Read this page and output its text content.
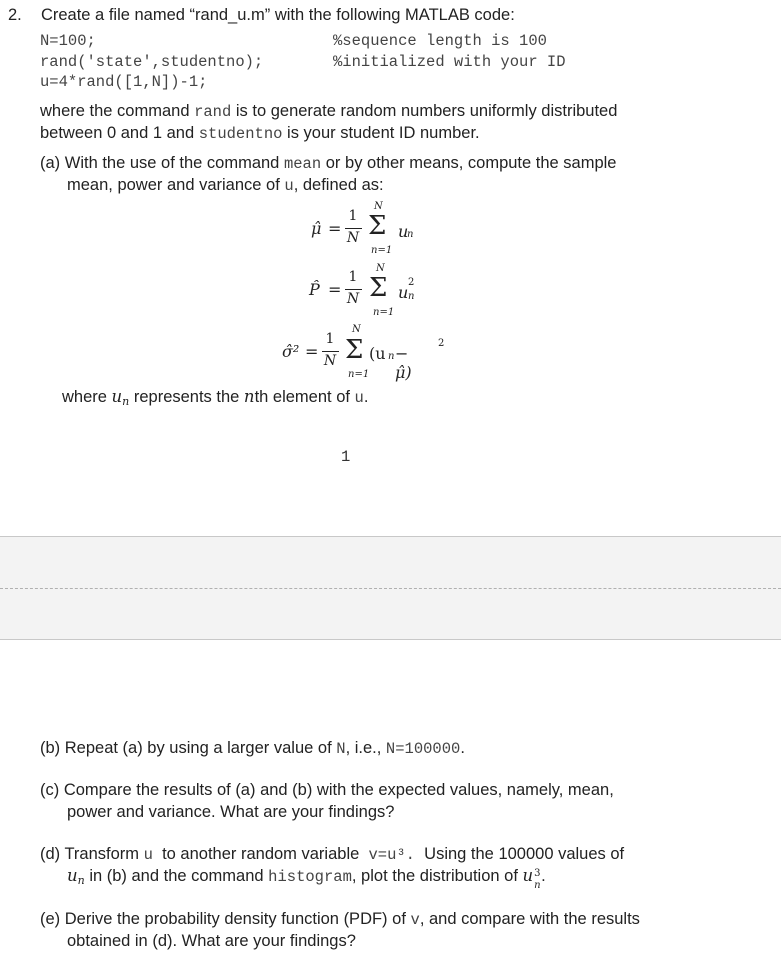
2. Create a file named “rand_u.m” with the following MATLAB code:
N=100;	%sequence length is 100
rand('state',studentno);	%initialized with your ID
u=4*rand([1,N])-1;
where the command rand is to generate random numbers uniformly distributed
between 0 and 1 and studentno is your student ID number.
(a) With the use of the command mean or by other means, compute the sample
mean, power and variance of u, defined as:
μ̂ =
1
N
N
Σ
n=1
u
n
P̂ =
1
N
N
Σ
n=1
u
2
n
σ̂² =
1
N
N
Σ
n=1
(u n − μ̂)
2
where un represents the nth element of u.
1
(b) Repeat (a) by using a larger value of N, i.e., N=100000.
(c) Compare the results of (a) and (b) with the expected values, namely, mean,
power and variance. What are your findings?
(d) Transform u  to another random variable  v=u³.  Using the 100000 values of
un in (b) and the command histogram, plot the distribution of u 3
n
.
(e) Derive the probability density function (PDF) of v, and compare with the results
obtained in (d). What are your findings?
